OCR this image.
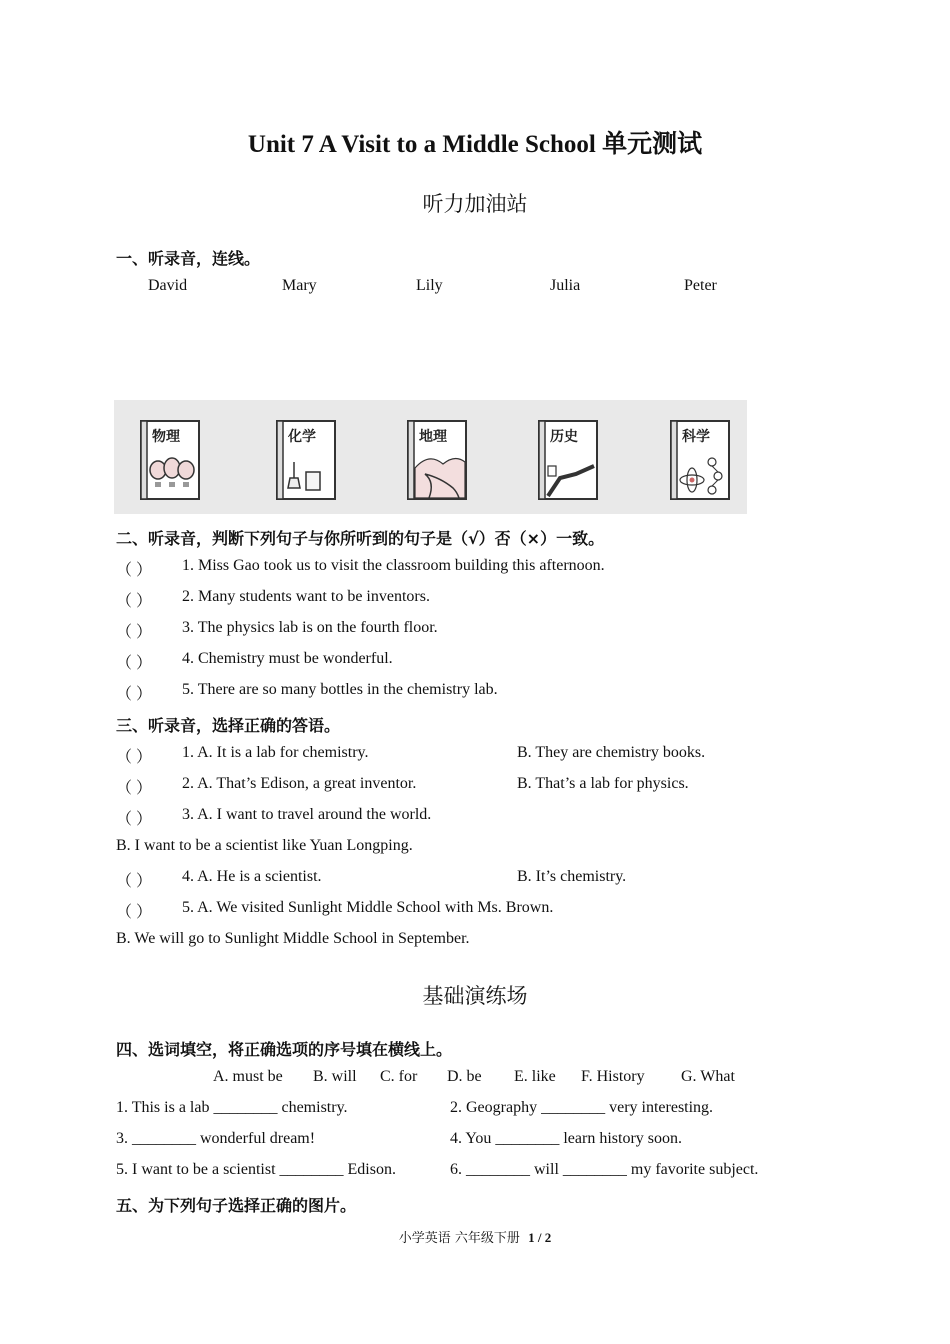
Unit 7 A Visit to a Middle School 单元测试
听力加油站
一、听录音，连线。
David	Mary	Lily	Julia	Peter
物理	化学	地理	历史	科学
二、听录音，判断下列句子与你所听到的句子是（√）否（×）一致。
（ ） 1. Miss Gao took us to visit the classroom building this afternoon.
（ ） 2. Many students want to be inventors.
（ ） 3. The physics lab is on the fourth floor.
（ ） 4. Chemistry must be wonderful.
（ ） 5. There are so many bottles in the chemistry lab.
三、听录音，选择正确的答语。
（ ） 1. A. It is a lab for chemistry.	B. They are chemistry books.
（ ） 2. A. That’s Edison, a great inventor.	B. That’s a lab for physics.
（ ） 3. A. I want to travel around the world.
B. I want to be a scientist like Yuan Longping.
（ ） 4. A. He is a scientist.	B. It’s chemistry.
（ ） 5. A. We visited Sunlight Middle School with Ms. Brown.
B. We will go to Sunlight Middle School in September.
基础演练场
四、选词填空，将正确选项的序号填在横线上。
A. must be B. will C. for D. be E. like F. History G. What
1. This is a lab ________ chemistry.	2. Geography ________ very interesting.
3. ________ wonderful dream!	4. You ________ learn history soon.
5. I want to be a scientist ________ Edison.	6. ________ will ________ my favorite subject.
五、为下列句子选择正确的图片。
小学英语 六年级下册 1 / 2
